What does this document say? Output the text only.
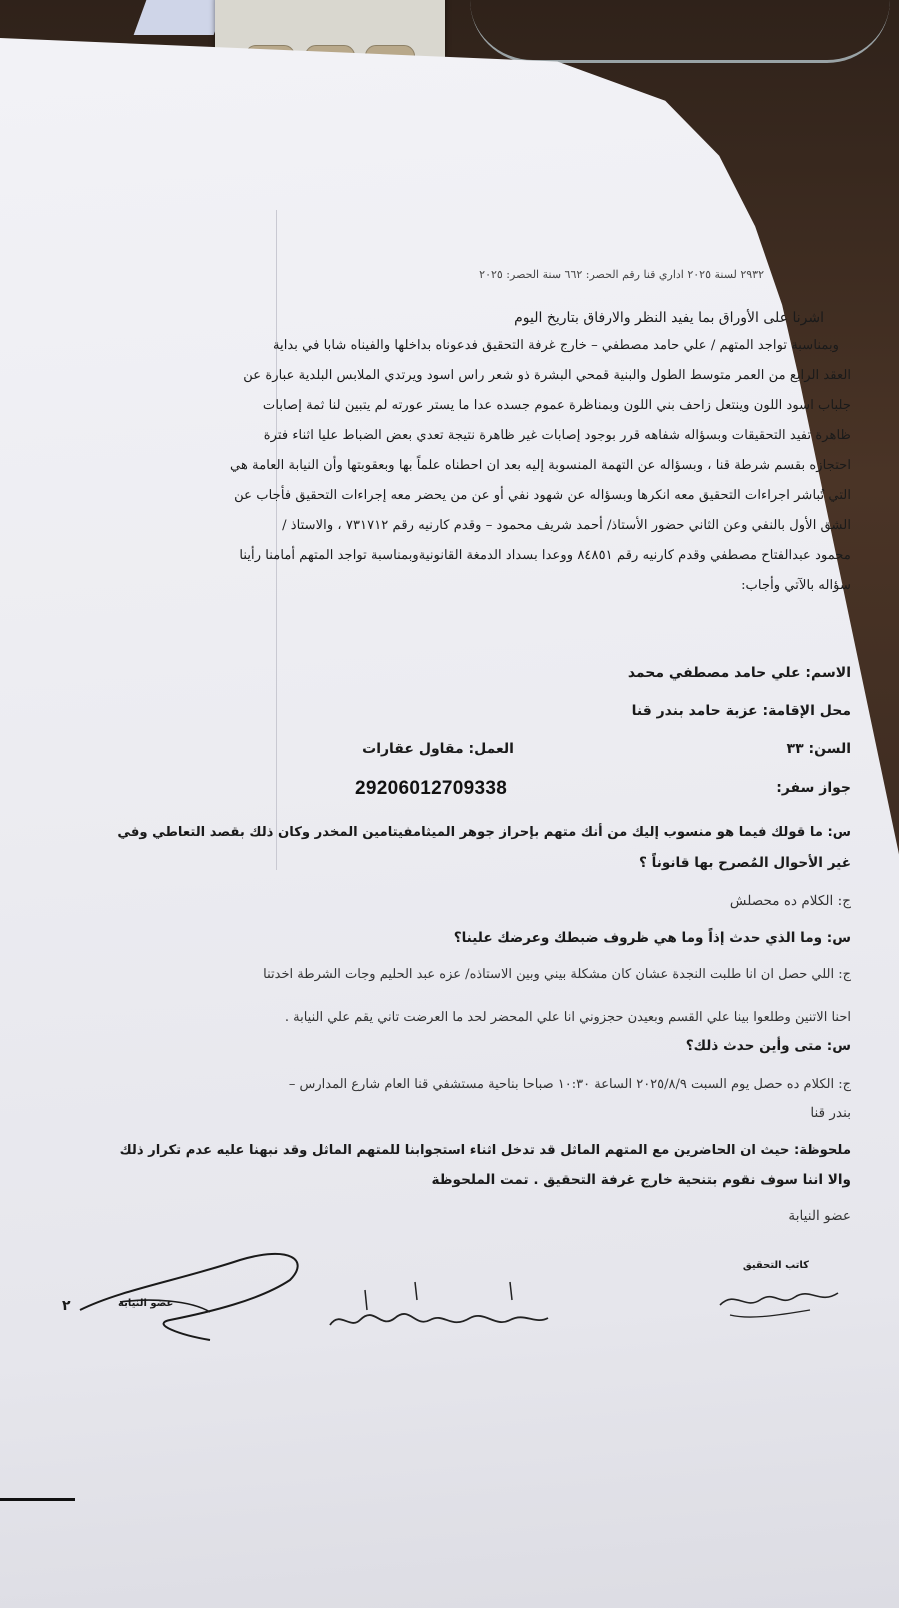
٢٩٣٢ لسنة ٢٠٢٥ اداري قنا رقم الحصر: ٦٦٢ سنة الحصر: ٢٠٢٥
اشرنا على الأوراق بما يفيد النظر والارفاق بتاريخ اليوم
وبمناسبة تواجد المتهم / علي حامد مصطفي – خارج غرفة التحقيق فدعوناه بداخلها والفيناه شابا في بداية
العقد الرابع من العمر متوسط الطول والبنية قمحي البشرة ذو شعر راس اسود ويرتدي الملابس البلدية عبارة عن
جلباب اسود اللون وينتعل زاحف بني اللون وبمناظرة عموم جسده عدا ما يستر عورته لم يتبين لنا ثمة إصابات
ظاهرة تفيد التحقيقات وبسؤاله شفاهه قرر بوجود إصابات غير ظاهرة نتيجة تعدي بعض الضباط عليا اثناء فترة
احتجازه بقسم شرطة قنا ، وبسؤاله عن التهمة المنسوبة إليه بعد ان احطناه علماً بها وبعقوبتها وأن النيابة العامة هي
التي تُباشر اجراءات التحقيق معه انكرها وبسؤاله عن شهود نفي أو عن من يحضر معه إجراءات التحقيق فأجاب عن
الشق الأول بالنفي وعن الثاني حضور الأستاذ/ أحمد شريف محمود – وقدم كارنيه رقم ٧٣١٧١٢ ، والاستاذ /
محمود عبدالفتاح مصطفي وقدم كارنيه رقم ٨٤٨٥١ ووعدا بسداد الدمغة القانونيةوبمناسبة تواجد المتهم أمامنا رأينا
سؤاله بالآتي وأجاب:
الاسم: علي حامد مصطفي محمد
محل الإقامة: عزبة حامد بندر قنا
السن: ٣٣
العمل: مقاول عقارات
جواز سفر:
29206012709338
س: ما قولك فيما هو منسوب إليك من أنك متهم بإحراز جوهر الميثامفيتامين المخدر وكان ذلك بقصد التعاطي وفي
غير الأحوال المُصرح بها قانوناً ؟
ج: الكلام ده محصلش
س: وما الذي حدث إذاً وما هي ظروف ضبطك وعرضك علينا؟
ج: اللي حصل ان انا طلبت النجدة عشان كان مشكلة بيني وبين الاستاذه/ عزه عبد الحليم وجات الشرطة اخدتنا
احنا الاتنين وطلعوا بينا علي القسم وبعيدن حجزوني انا علي المحضر لحد ما العرضت تاني يقم علي النيابة .
س: متى وأين حدث ذلك؟
ج: الكلام ده حصل يوم السبت ٢٠٢٥/٨/٩ الساعة ١٠:٣٠ صباحا بناحية مستشفي قنا العام شارع المدارس –
بندر قنا
ملحوظة: حيث ان الحاضرين مع المتهم الماثل قد تدخل اثناء استجوابنا للمتهم الماثل وقد نبهنا عليه عدم تكرار ذلك
والا اننا سوف نقوم بتنحية خارج غرفة التحقيق . تمت الملحوظة
عضو النيابة
كاتب التحقيق
عضو النيابة
٢
